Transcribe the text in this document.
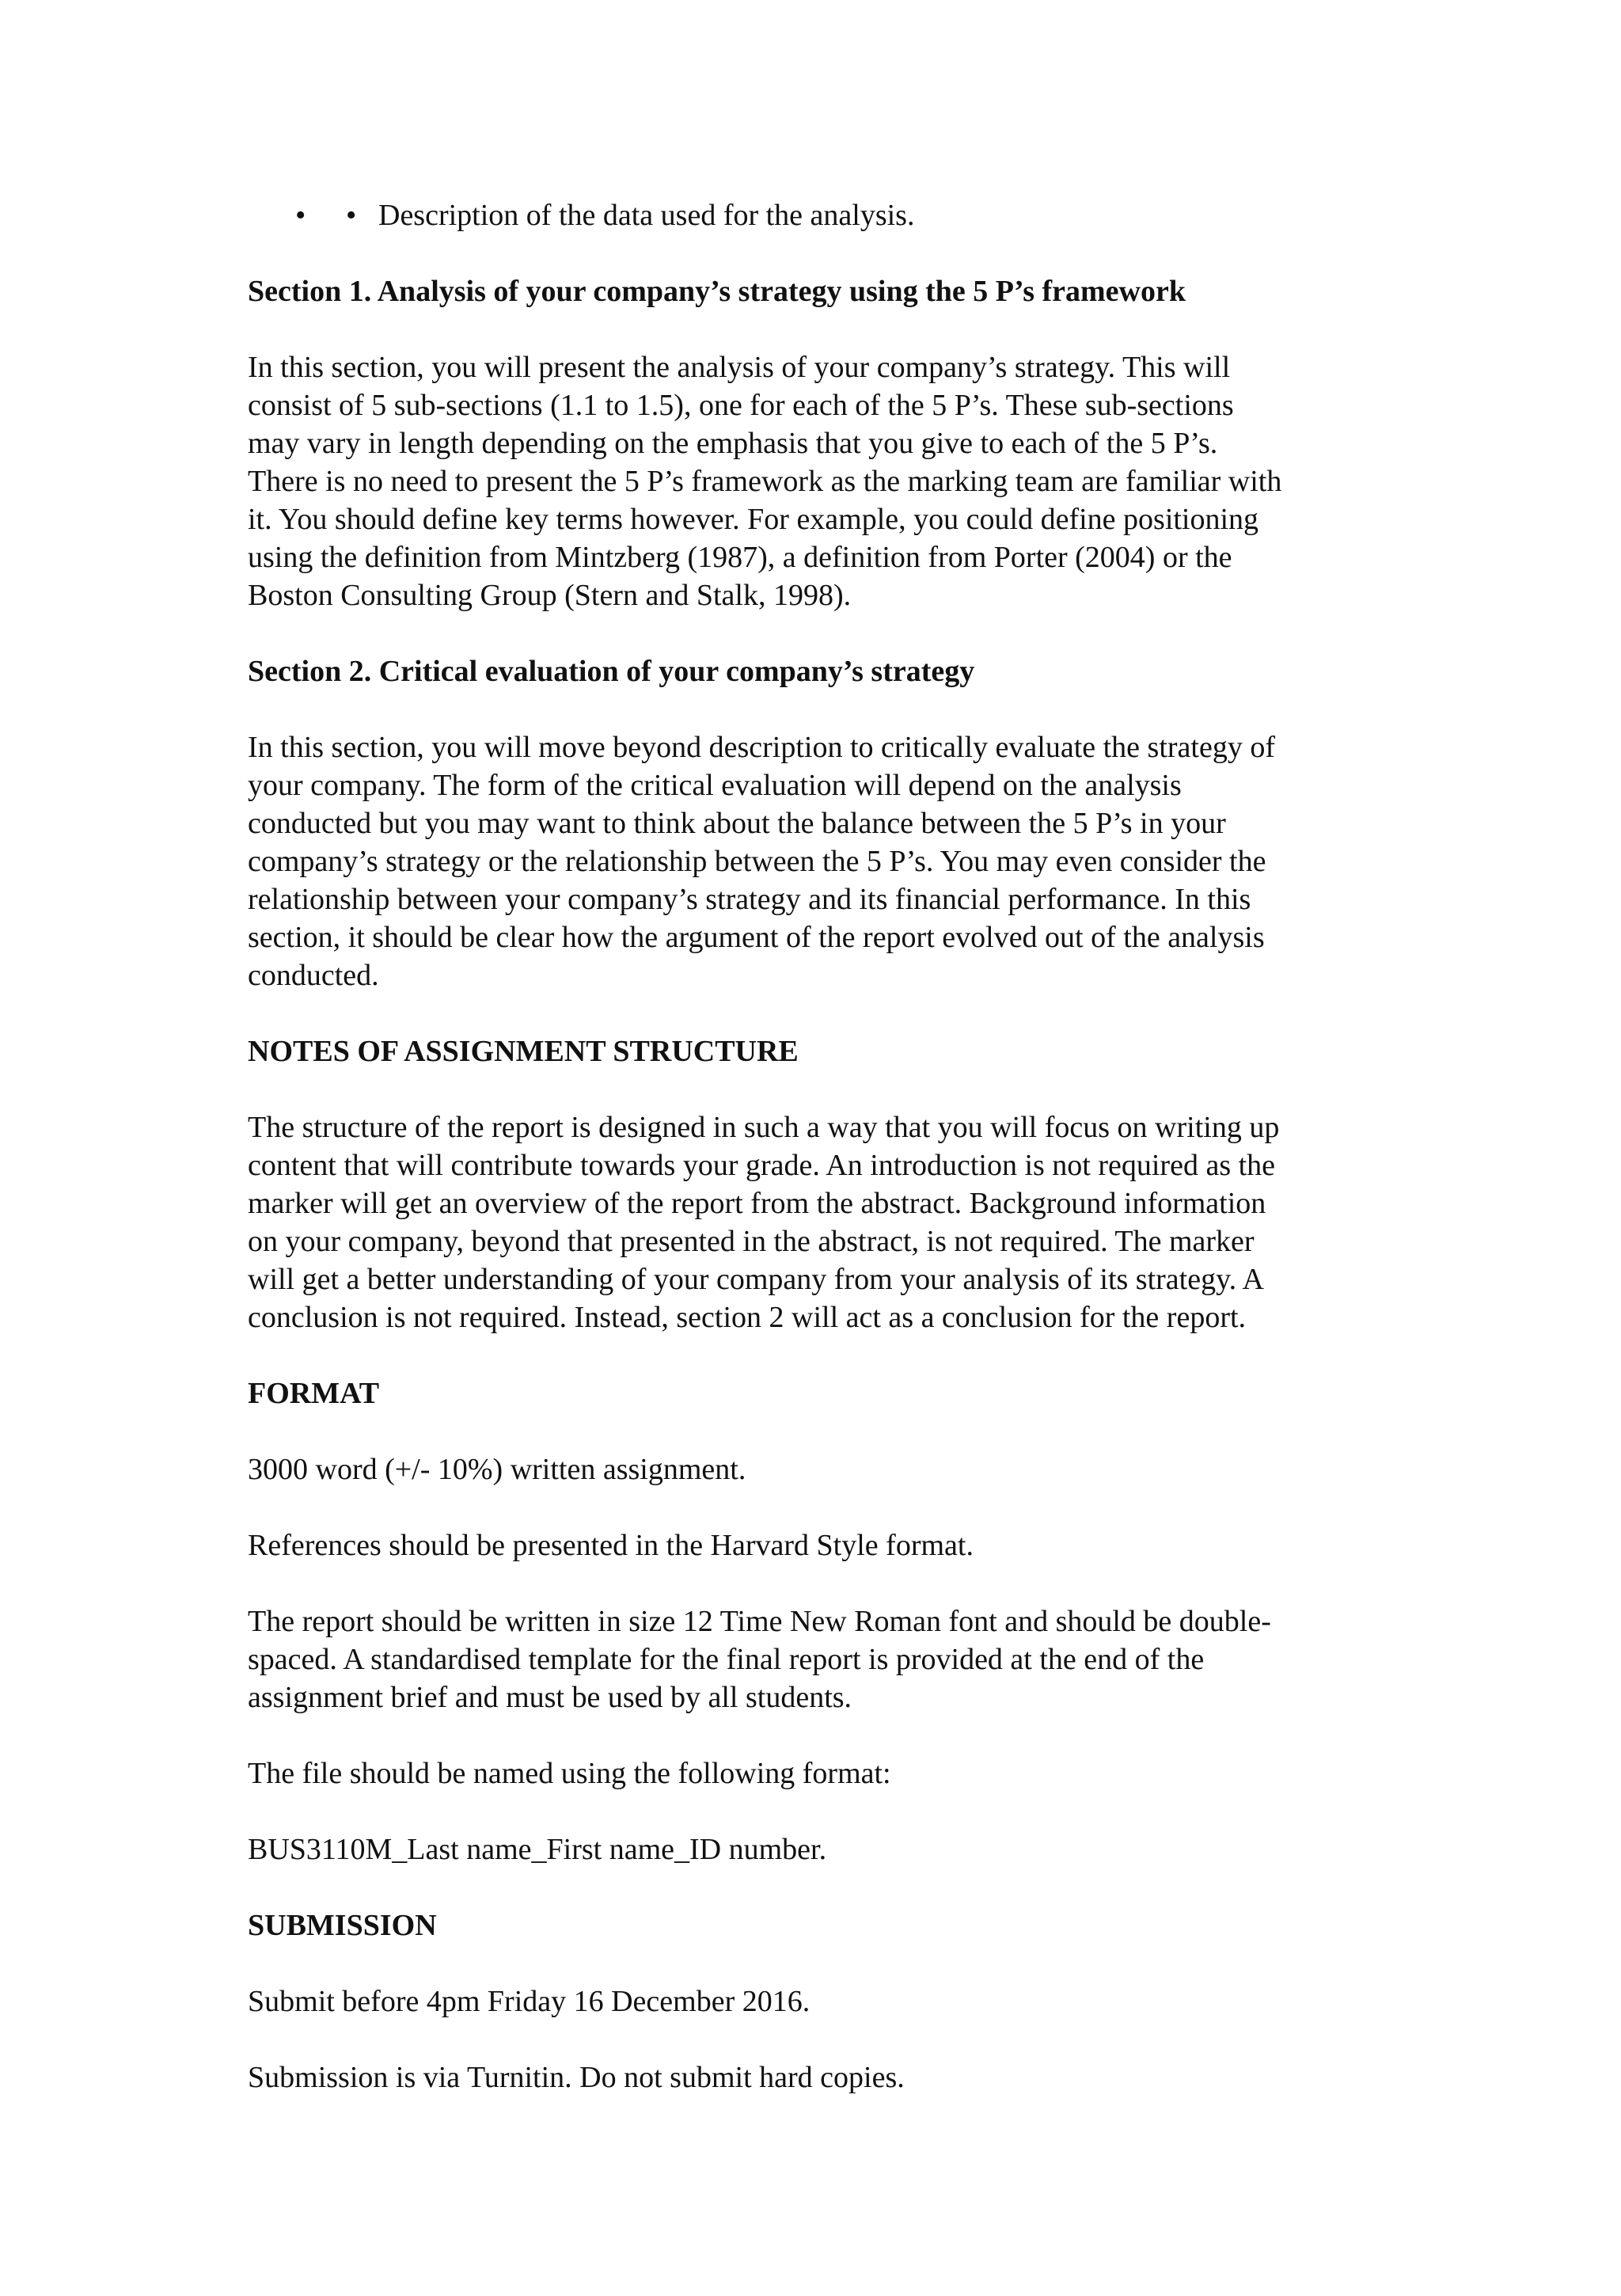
• • Description of the data used for the analysis.

Section 1. Analysis of your company’s strategy using the 5 P’s framework

In this section, you will present the analysis of your company’s strategy. This will
consist of 5 sub-sections (1.1 to 1.5), one for each of the 5 P’s. These sub-sections
may vary in length depending on the emphasis that you give to each of the 5 P’s.
There is no need to present the 5 P’s framework as the marking team are familiar with
it. You should define key terms however. For example, you could define positioning
using the definition from Mintzberg (1987), a definition from Porter (2004) or the
Boston Consulting Group (Stern and Stalk, 1998).

Section 2. Critical evaluation of your company’s strategy

In this section, you will move beyond description to critically evaluate the strategy of
your company. The form of the critical evaluation will depend on the analysis
conducted but you may want to think about the balance between the 5 P’s in your
company’s strategy or the relationship between the 5 P’s. You may even consider the
relationship between your company’s strategy and its financial performance. In this
section, it should be clear how the argument of the report evolved out of the analysis
conducted.

NOTES OF ASSIGNMENT STRUCTURE

The structure of the report is designed in such a way that you will focus on writing up
content that will contribute towards your grade. An introduction is not required as the
marker will get an overview of the report from the abstract. Background information
on your company, beyond that presented in the abstract, is not required. The marker
will get a better understanding of your company from your analysis of its strategy. A
conclusion is not required. Instead, section 2 will act as a conclusion for the report.

FORMAT

3000 word (+/- 10%) written assignment.

References should be presented in the Harvard Style format.

The report should be written in size 12 Time New Roman font and should be double-
spaced. A standardised template for the final report is provided at the end of the
assignment brief and must be used by all students.

The file should be named using the following format:

BUS3110M_Last name_First name_ID number.

SUBMISSION

Submit before 4pm Friday 16 December 2016.

Submission is via Turnitin. Do not submit hard copies.
